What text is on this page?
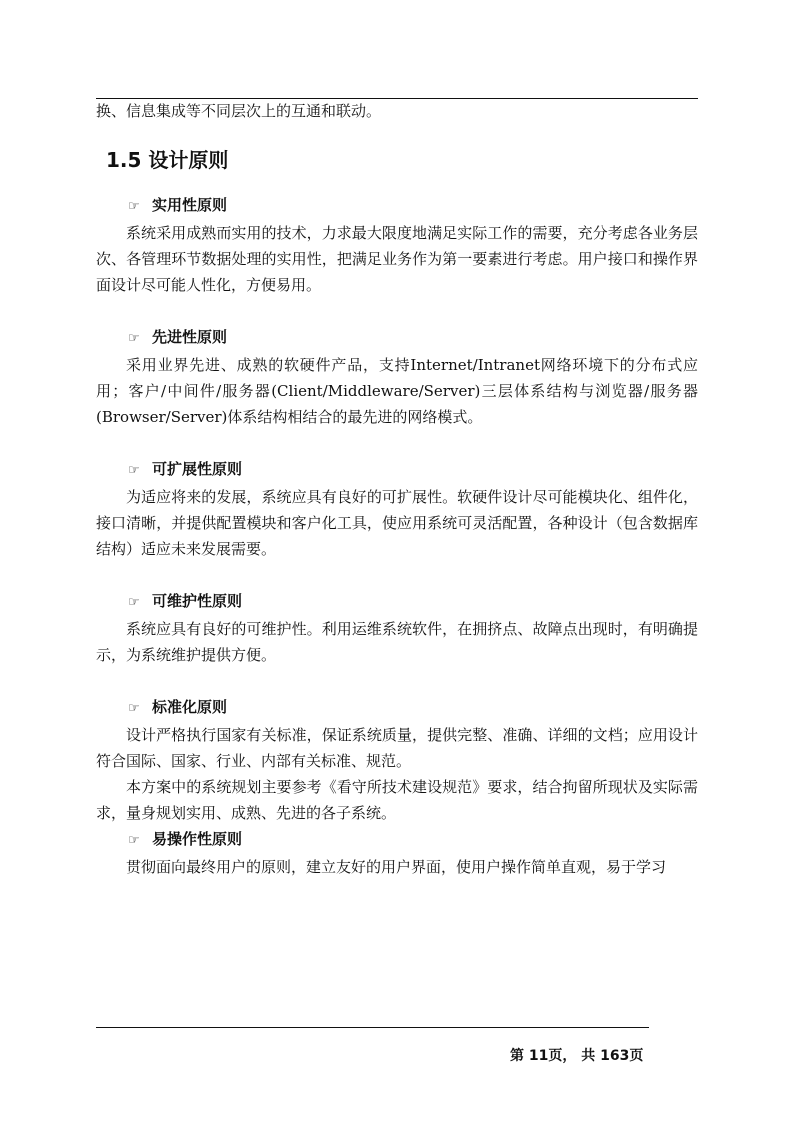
换、信息集成等不同层次上的互通和联动。

1.5 设计原则
☞ 实用性原则

系统采用成熟而实用的技术，力求最大限度地满足实际工作的需要，充分考虑各业务层次、各管理环节数据处理的实用性，把满足业务作为第一要素进行考虑。用户接口和操作界面设计尽可能人性化，方便易用。

☞ 先进性原则

采用业界先进、成熟的软硬件产品，支持Internet/Intranet网络环境下的分布式应用；客户/中间件/服务器(Client/Middleware/Server)三层体系结构与浏览器/服务器(Browser/Server)体系结构相结合的最先进的网络模式。

☞ 可扩展性原则

为适应将来的发展，系统应具有良好的可扩展性。软硬件设计尽可能模块化、组件化，接口清晰，并提供配置模块和客户化工具，使应用系统可灵活配置，各种设计（包含数据库结构）适应未来发展需要。

☞ 可维护性原则

系统应具有良好的可维护性。利用运维系统软件，在拥挤点、故障点出现时，有明确提示，为系统维护提供方便。

☞ 标准化原则

设计严格执行国家有关标准，保证系统质量，提供完整、准确、详细的文档；应用设计符合国际、国家、行业、内部有关标准、规范。

本方案中的系统规划主要参考《看守所技术建设规范》要求，结合拘留所现状及实际需求，量身规划实用、成熟、先进的各子系统。

☞ 易操作性原则

贯彻面向最终用户的原则，建立友好的用户界面，使用户操作简单直观，易于学习

第 11页， 共 163页
